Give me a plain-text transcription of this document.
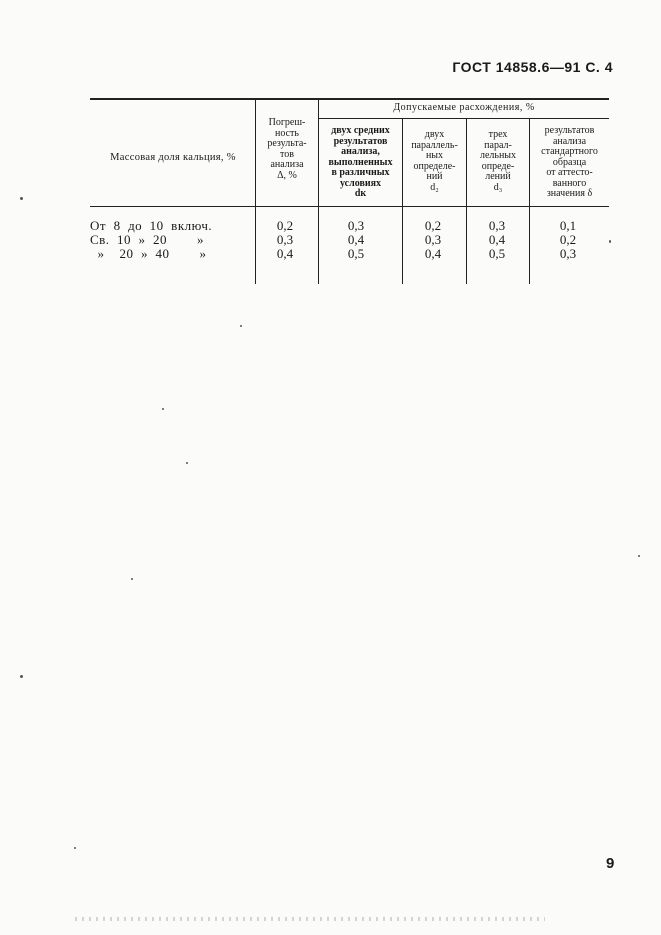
ГОСТ 14858.6—91 С. 4
Массовая доля кальция, %
Погреш-
ность
результа-
тов
анализа
Δ, %
Допускаемые расхождения, %
двух средних
результатов
анализа,
выполненных
в различных
условиях
dк
двух
параллель-
ных
определе-
ний
d₂
трех
парал-
лельных
опреде-
лений
d₃
результатов
анализа
стандартного
образца
от аттесто-
ванного
значения δ
От  8  до  10  включ.
Св.  10  »  20        »
»    20  »  40        »
0,2
0,3
0,4
0,3
0,4
0,5
0,2
0,3
0,4
0,3
0,4
0,5
0,1
0,2
0,3
9
